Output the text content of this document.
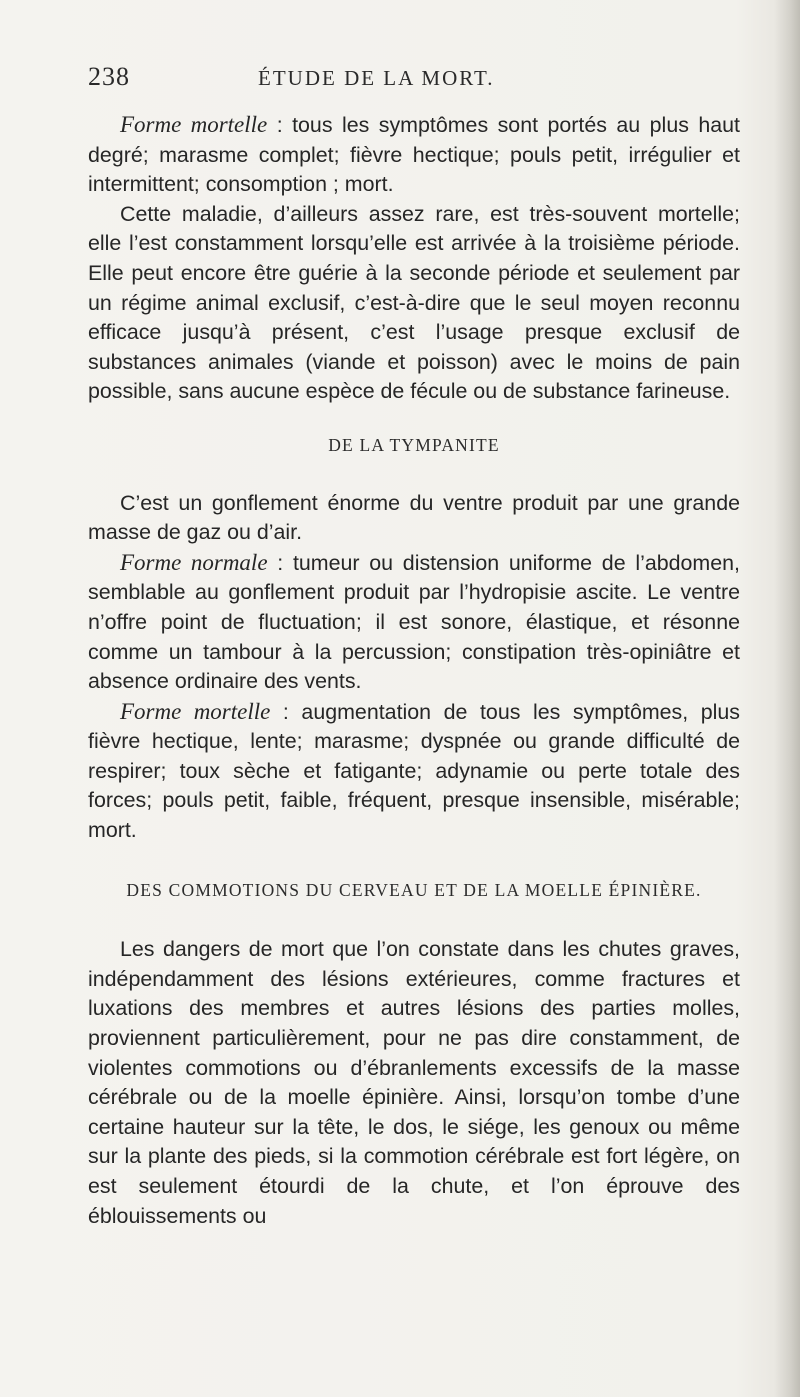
238	ÉTUDE DE LA MORT.

Forme mortelle : tous les symptômes sont portés au plus haut degré; marasme complet; fièvre hectique; pouls petit, irrégulier et intermittent; consomption ; mort.

Cette maladie, d’ailleurs assez rare, est très-souvent mortelle; elle l’est constamment lorsqu’elle est arrivée à la troisième période. Elle peut encore être guérie à la seconde période et seulement par un régime animal exclusif, c’est-à-dire que le seul moyen reconnu efficace jusqu’à présent, c’est l’usage presque exclusif de substances animales (viande et poisson) avec le moins de pain possible, sans aucune espèce de fécule ou de substance farineuse.

DE LA TYMPANITE

C’est un gonflement énorme du ventre produit par une grande masse de gaz ou d’air.

Forme normale : tumeur ou distension uniforme de l’abdomen, semblable au gonflement produit par l’hydropisie ascite. Le ventre n’offre point de fluctuation; il est sonore, élastique, et résonne comme un tambour à la percussion; constipation très-opiniâtre et absence ordinaire des vents.

Forme mortelle : augmentation de tous les symptômes, plus fièvre hectique, lente; marasme; dyspnée ou grande difficulté de respirer; toux sèche et fatigante; adynamie ou perte totale des forces; pouls petit, faible, fréquent, presque insensible, misérable; mort.

DES COMMOTIONS DU CERVEAU ET DE LA MOELLE ÉPINIÈRE.

Les dangers de mort que l’on constate dans les chutes graves, indépendamment des lésions extérieures, comme fractures et luxations des membres et autres lésions des parties molles, proviennent particulièrement, pour ne pas dire constamment, de violentes commotions ou d’ébranlements excessifs de la masse cérébrale ou de la moelle épinière. Ainsi, lorsqu’on tombe d’une certaine hauteur sur la tête, le dos, le siége, les genoux ou même sur la plante des pieds, si la commotion cérébrale est fort légère, on est seulement étourdi de la chute, et l’on éprouve des éblouissements ou
